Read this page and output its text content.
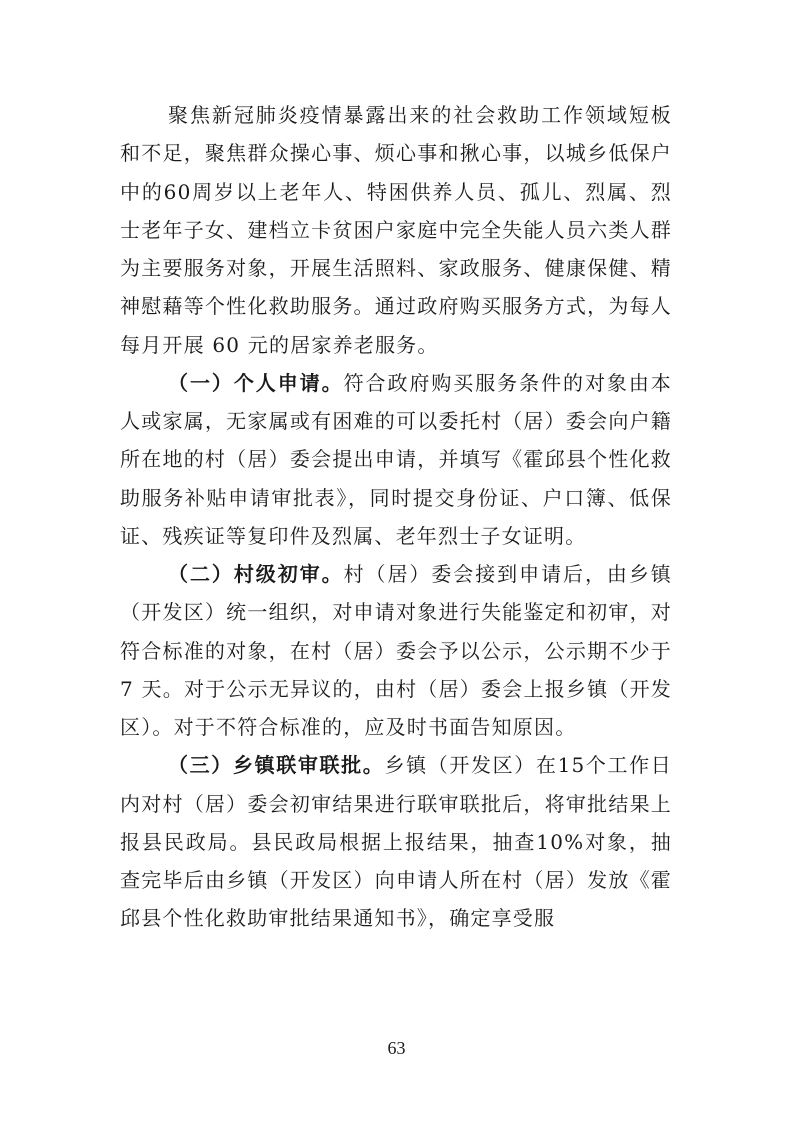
聚焦新冠肺炎疫情暴露出来的社会救助工作领域短板和不足，聚焦群众操心事、烦心事和揪心事，以城乡低保户中的60周岁以上老年人、特困供养人员、孤儿、烈属、烈士老年子女、建档立卡贫困户家庭中完全失能人员六类人群为主要服务对象，开展生活照料、家政服务、健康保健、精神慰藉等个性化救助服务。通过政府购买服务方式，为每人每月开展 60 元的居家养老服务。

（一）个人申请。符合政府购买服务条件的对象由本人或家属，无家属或有困难的可以委托村（居）委会向户籍所在地的村（居）委会提出申请，并填写《霍邱县个性化救助服务补贴申请审批表》，同时提交身份证、户口簿、低保证、残疾证等复印件及烈属、老年烈士子女证明。

（二）村级初审。村（居）委会接到申请后，由乡镇（开发区）统一组织，对申请对象进行失能鉴定和初审，对符合标准的对象，在村（居）委会予以公示，公示期不少于 7 天。对于公示无异议的，由村（居）委会上报乡镇（开发区）。对于不符合标准的，应及时书面告知原因。

（三）乡镇联审联批。乡镇（开发区）在15个工作日内对村（居）委会初审结果进行联审联批后，将审批结果上报县民政局。县民政局根据上报结果，抽查10%对象，抽查完毕后由乡镇（开发区）向申请人所在村（居）发放《霍邱县个性化救助审批结果通知书》，确定享受服

63
